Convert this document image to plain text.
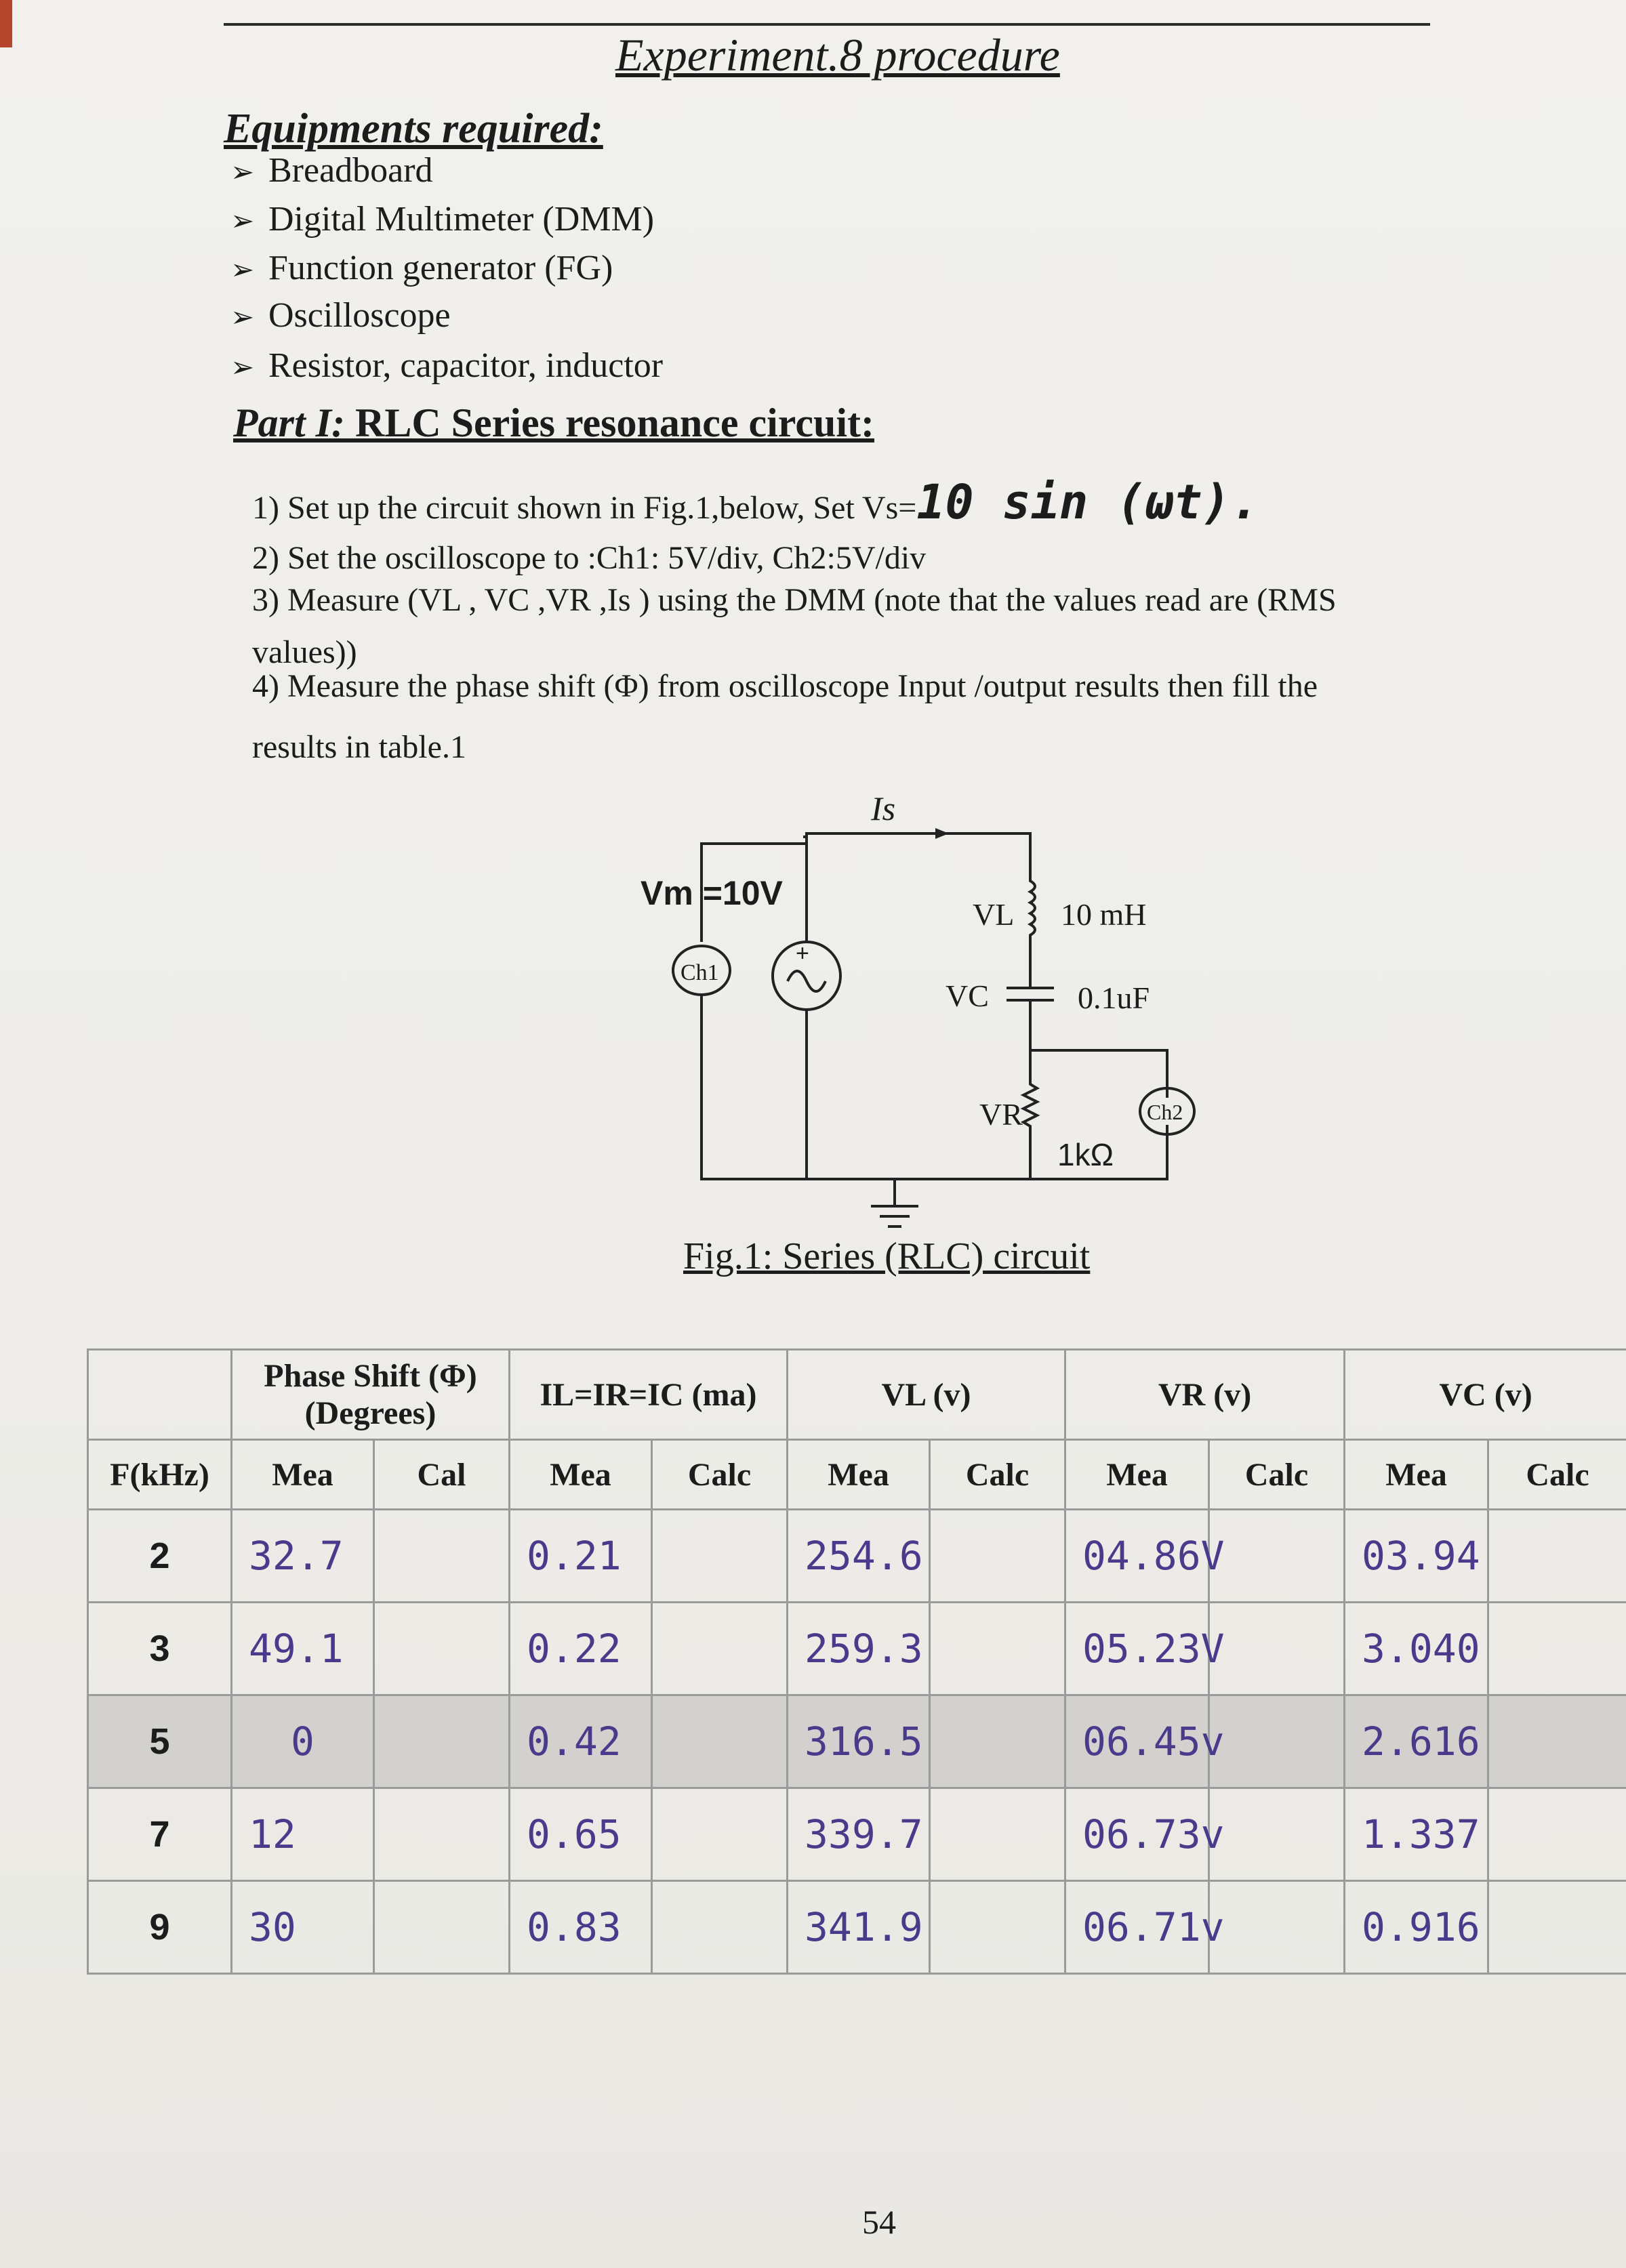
Experiment.8 procedure
Equipments required:
➢ Breadboard
➢ Digital Multimeter (DMM)
➢ Function generator (FG)
➢ Oscilloscope
➢ Resistor, capacitor, inductor
Part I: RLC Series resonance circuit:
1) Set up the circuit shown in Fig.1,below, Set Vs=10 sin (ωt).
2) Set the oscilloscope to :Ch1: 5V/div, Ch2:5V/div
3) Measure (VL , VC ,VR ,Is ) using the DMM (note that the values read are (RMS
values))
4) Measure the phase shift (Φ) from oscilloscope Input /output results then fill the
results in table.1
+
Is
Vm =10V
VL 10 mH
VC	0.1uF
VR
1kΩ
Ch1
Ch2
Fig.1: Series (RLC) circuit
	Phase Shift (Φ) (Degrees)		IL=IR=IC (ma)		VL (v)		VR (v)		VC (v)	
F(kHz)	Mea	Cal	Mea	Calc	Mea	Calc	Mea	Calc	Mea	Calc
2	32.7		0.21		254.6		04.86V		03.94	
3	49.1		0.22		259.3		05.23V		3.040	
5	0		0.42		316.5		06.45v		2.616	
7	12		0.65		339.7		06.73v		1.337	
9	30		0.83		341.9		06.71v		0.916	
54
